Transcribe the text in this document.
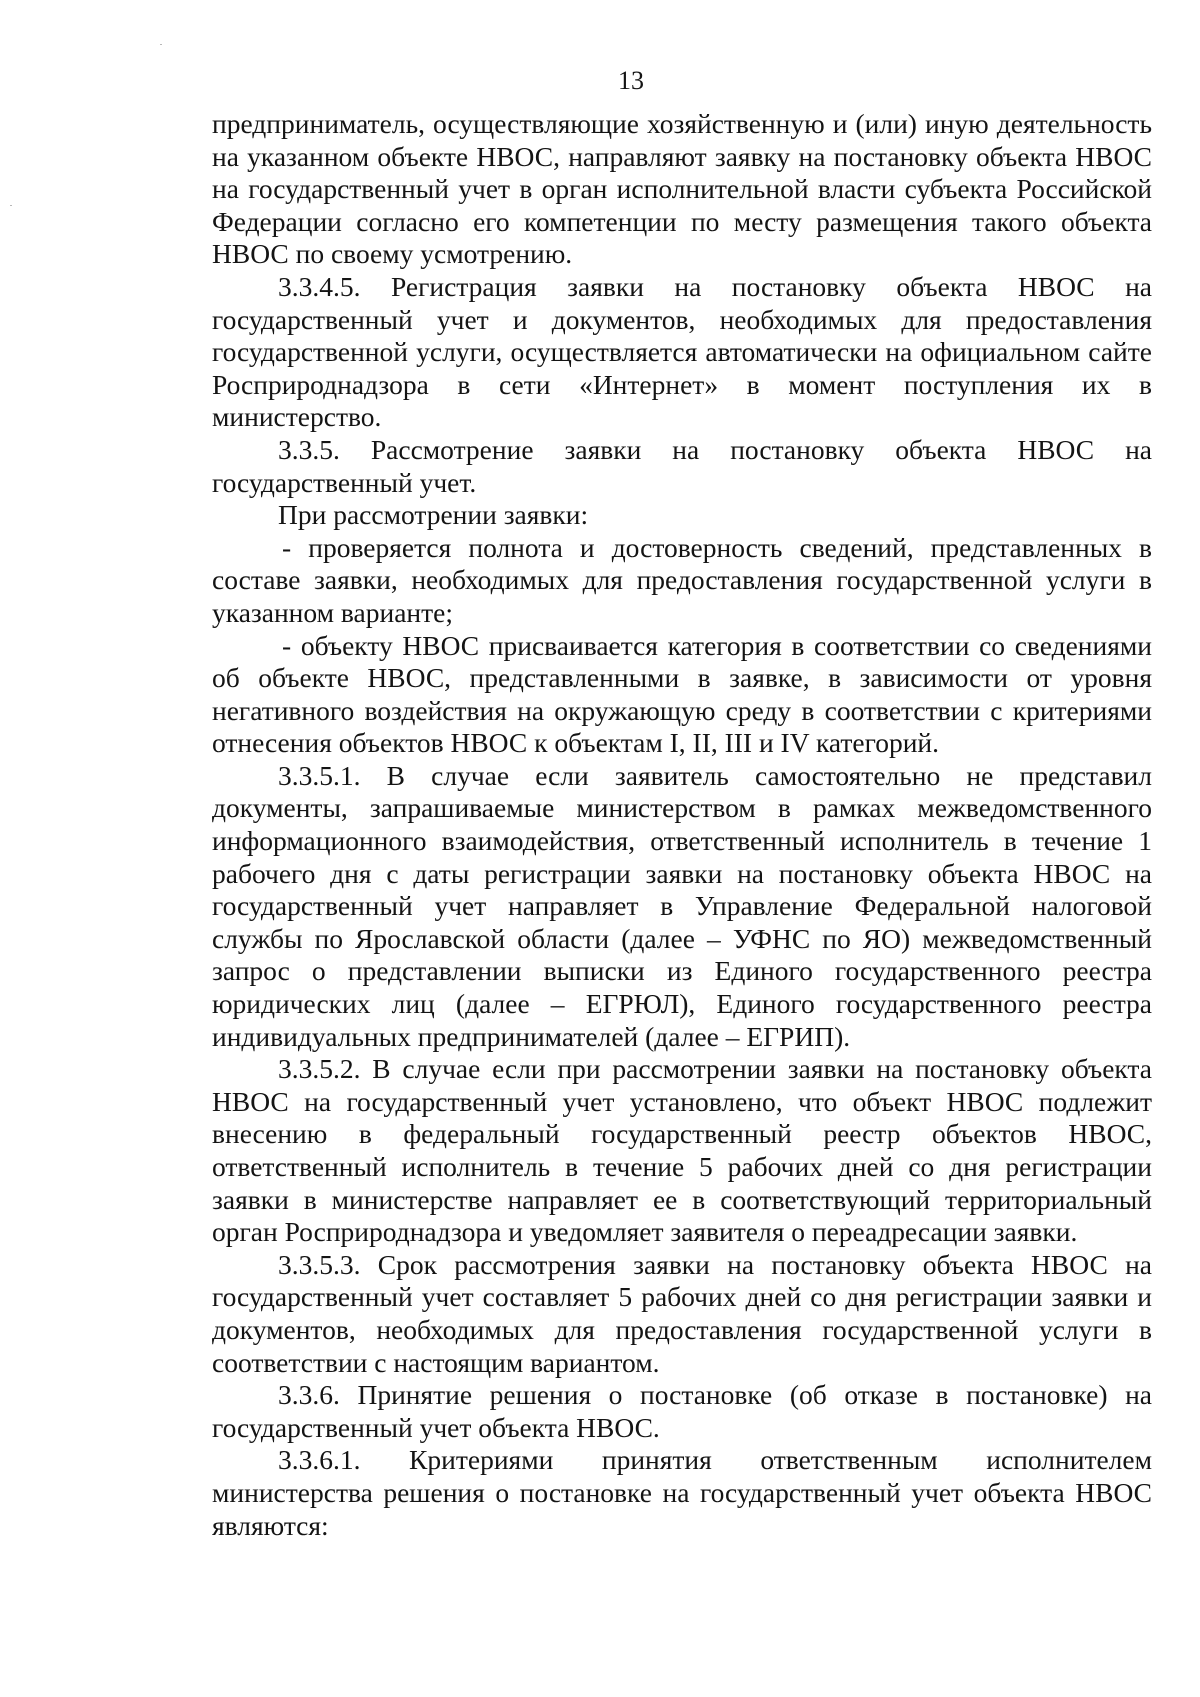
13

предприниматель, осуществляющие хозяйственную и (или) иную деятельность на указанном объекте НВОС, направляют заявку на постановку объекта НВОС на государственный учет в орган исполнительной власти субъекта Российской Федерации согласно его компетенции по месту размещения такого объекта НВОС по своему усмотрению.

3.3.4.5. Регистрация заявки на постановку объекта НВОС на государственный учет и документов, необходимых для предоставления государственной услуги, осуществляется автоматически на официальном сайте Росприроднадзора в сети «Интернет» в момент поступления их в министерство.

3.3.5. Рассмотрение заявки на постановку объекта НВОС на государственный учет.

При рассмотрении заявки:

- проверяется полнота и достоверность сведений, представленных в составе заявки, необходимых для предоставления государственной услуги в указанном варианте;

- объекту НВОС присваивается категория в соответствии со сведениями об объекте НВОС, представленными в заявке, в зависимости от уровня негативного воздействия на окружающую среду в соответствии с критериями отнесения объектов НВОС к объектам I, II, III и IV категорий.

3.3.5.1. В случае если заявитель самостоятельно не представил документы, запрашиваемые министерством в рамках межведомственного информационного взаимодействия, ответственный исполнитель в течение 1 рабочего дня с даты регистрации заявки на постановку объекта НВОС на государственный учет направляет в Управление Федеральной налоговой службы по Ярославской области (далее – УФНС по ЯО) межведомственный запрос о представлении выписки из Единого государственного реестра юридических лиц (далее – ЕГРЮЛ), Единого государственного реестра индивидуальных предпринимателей (далее – ЕГРИП).

3.3.5.2. В случае если при рассмотрении заявки на постановку объекта НВОС на государственный учет установлено, что объект НВОС подлежит внесению в федеральный государственный реестр объектов НВОС, ответственный исполнитель в течение 5 рабочих дней со дня регистрации заявки в министерстве направляет ее в соответствующий территориальный орган Росприроднадзора и уведомляет заявителя о переадресации заявки.

3.3.5.3. Срок рассмотрения заявки на постановку объекта НВОС на государственный учет составляет 5 рабочих дней со дня регистрации заявки и документов, необходимых для предоставления государственной услуги в соответствии с настоящим вариантом.

3.3.6. Принятие решения о постановке (об отказе в постановке) на государственный учет объекта НВОС.

3.3.6.1. Критериями принятия ответственным исполнителем министерства решения о постановке на государственный учет объекта НВОС являются:
